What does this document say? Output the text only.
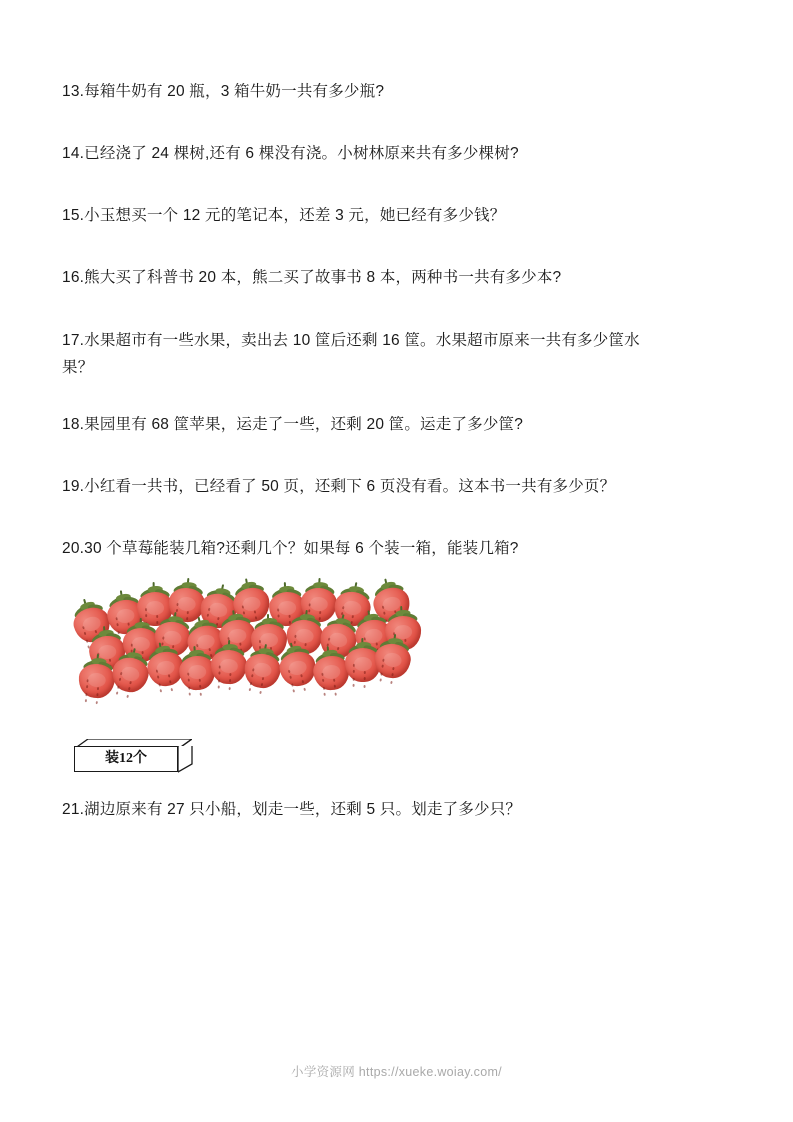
13.每箱牛奶有 20 瓶，3 箱牛奶一共有多少瓶?

14.已经浇了 24 棵树,还有 6 棵没有浇。小树林原来共有多少棵树?

15.小玉想买一个 12 元的笔记本，还差 3 元，她已经有多少钱？

16.熊大买了科普书 20 本，熊二买了故事书 8 本，两种书一共有多少本?

17.水果超市有一些水果，卖出去 10 筐后还剩 16 筐。水果超市原来一共有多少筐水果？

18.果园里有 68 筐苹果，运走了一些，还剩 20 筐。运走了多少筐?

19.小红看一共书，已经看了 50 页，还剩下 6 页没有看。这本书一共有多少页？

20.30 个草莓能装几箱?还剩几个？如果每 6 个装一箱，能装几箱?

装12个

21.湖边原来有 27 只小船，划走一些，还剩 5 只。划走了多少只？

小学资源网 https://xueke.woiay.com/
